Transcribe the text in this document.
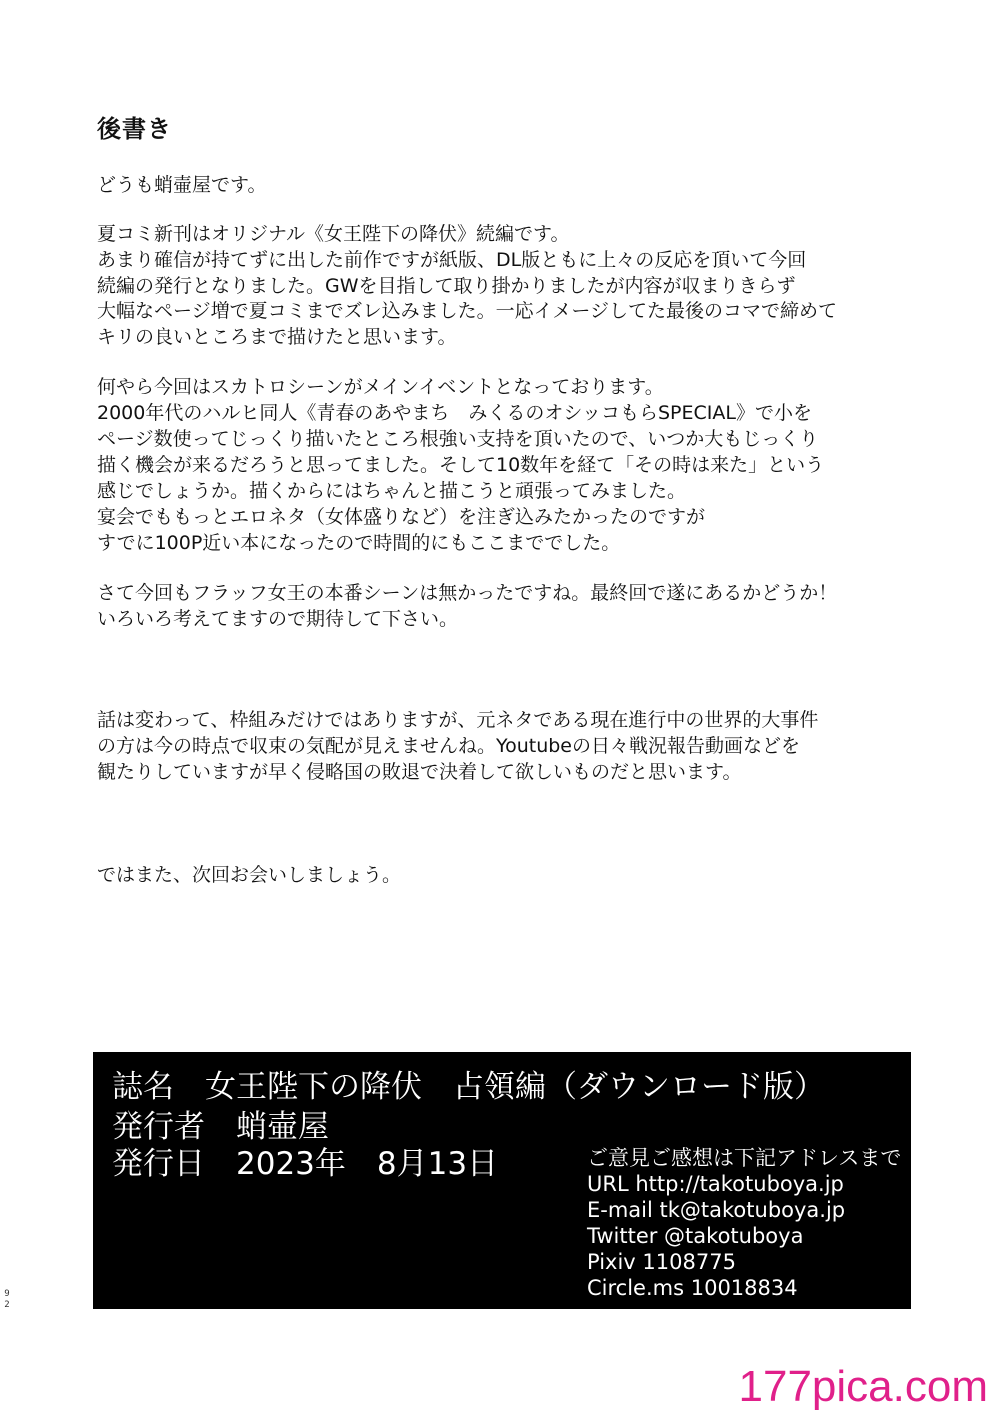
後書き
どうも蛸壷屋です。
夏コミ新刊はオリジナル《女王陛下の降伏》続編です。
あまり確信が持てずに出した前作ですが紙版、DL版ともに上々の反応を頂いて今回
続編の発行となりました。GWを目指して取り掛かりましたが内容が収まりきらず
大幅なページ増で夏コミまでズレ込みました。一応イメージしてた最後のコマで締めて
キリの良いところまで描けたと思います。
何やら今回はスカトロシーンがメインイベントとなっております。
2000年代のハルヒ同人《青春のあやまち　みくるのオシッコもらSPECIAL》で小を
ページ数使ってじっくり描いたところ根強い支持を頂いたので、いつか大もじっくり
描く機会が来るだろうと思ってました。そして10数年を経て「その時は来た」という
感じでしょうか。描くからにはちゃんと描こうと頑張ってみました。
宴会でももっとエロネタ（女体盛りなど）を注ぎ込みたかったのですが
すでに100P近い本になったので時間的にもここまででした。
さて今回もフラッフ女王の本番シーンは無かったですね。最終回で遂にあるかどうか！
いろいろ考えてますので期待して下さい。
話は変わって、枠組みだけではありますが、元ネタである現在進行中の世界的大事件
の方は今の時点で収束の気配が見えませんね。Youtubeの日々戦況報告動画などを
観たりしていますが早く侵略国の敗退で決着して欲しいものだと思います。
ではまた、次回お会いしましょう。
誌名　女王陛下の降伏　占領編（ダウンロード版）
発行者　蛸壷屋
発行日　2023年　8月13日	ご意見ご感想は下記アドレスまで
URL http://takotuboya.jp
E-mail tk@takotuboya.jp
Twitter @takotuboya
Pixiv 1108775
Circle.ms 10018834
9
2
177pica.com
